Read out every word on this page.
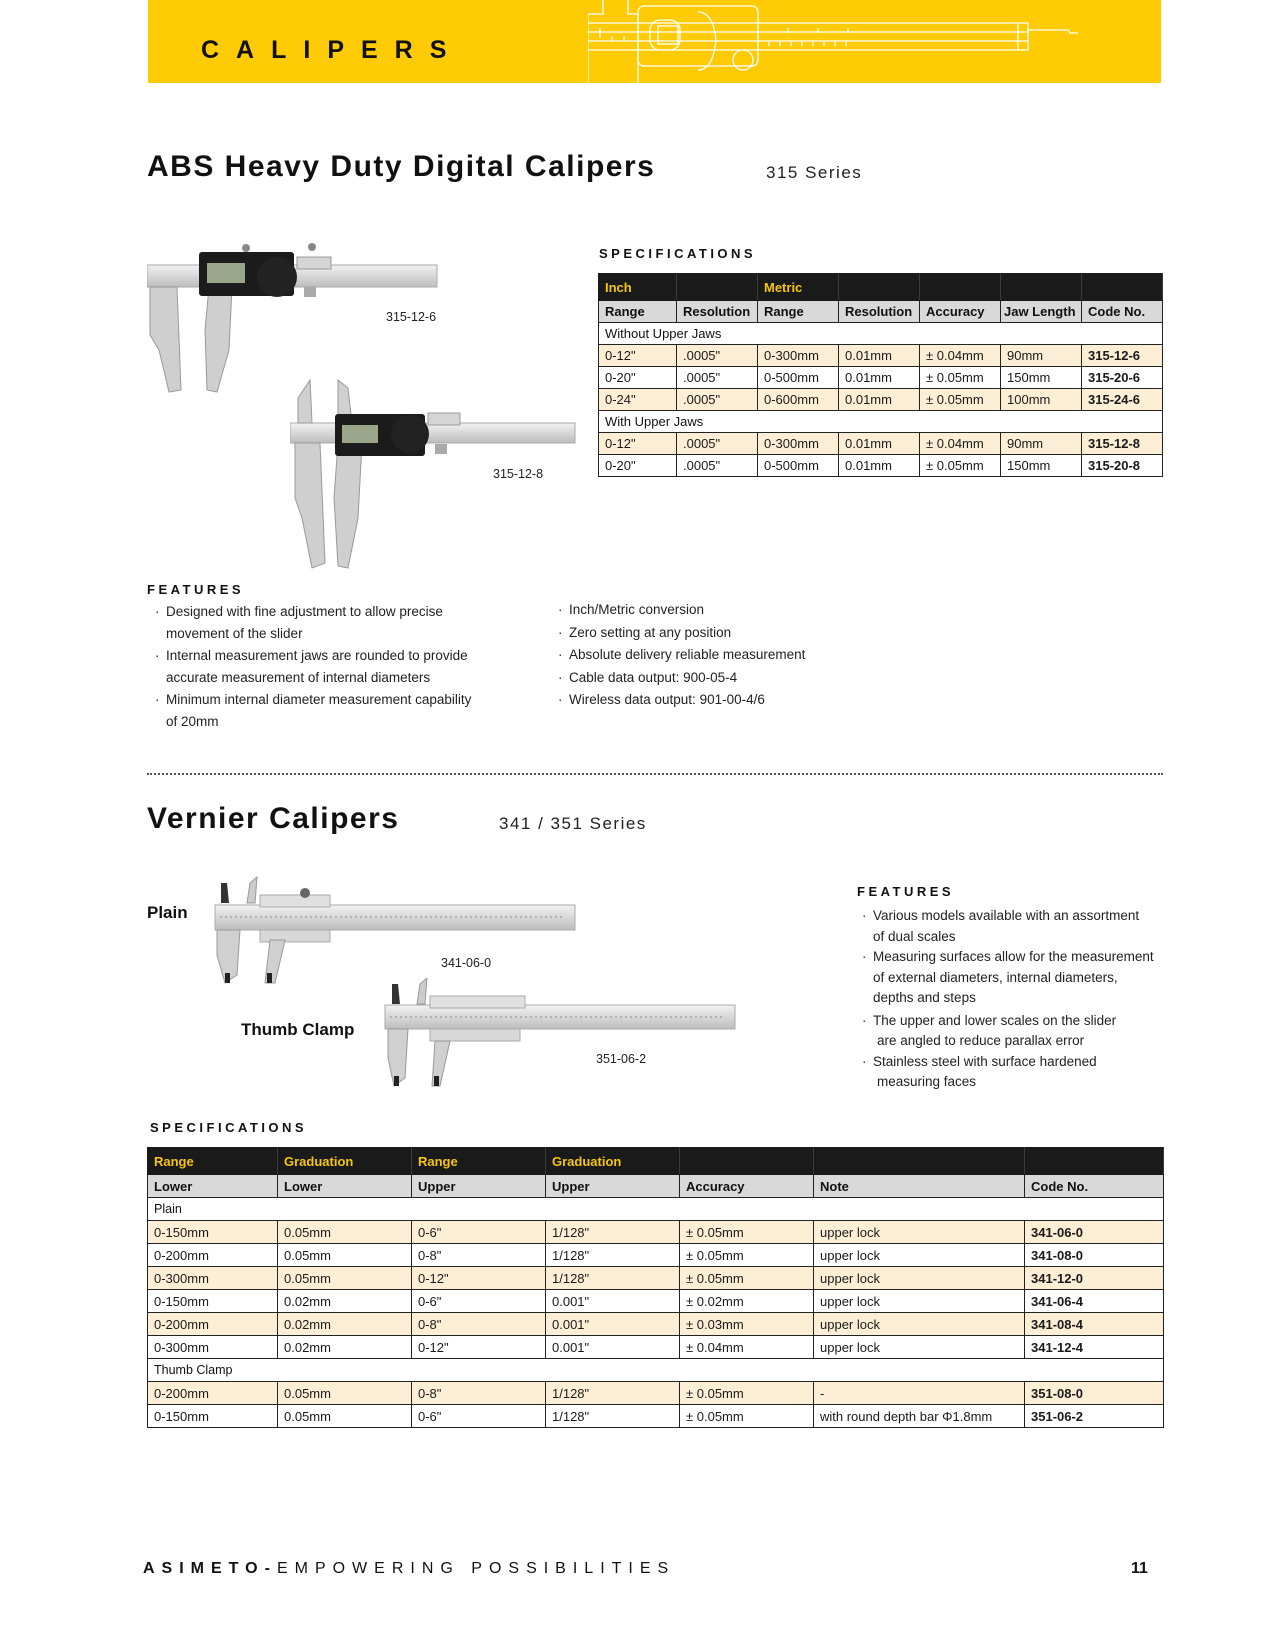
CALIPERS
ABS Heavy Duty Digital Calipers	315 Series
315-12-6
315-12-8
SPECIFICATIONS
Inch		Metric				
Range	Resolution	Range	Resolution	Accuracy	Jaw Length	Code No.
Without Upper Jaws						
0-12"	.0005"	0-300mm	0.01mm	± 0.04mm	90mm	315-12-6
0-20"	.0005"	0-500mm	0.01mm	± 0.05mm	150mm	315-20-6
0-24"	.0005"	0-600mm	0.01mm	± 0.05mm	100mm	315-24-6
With Upper Jaws						
0-12"	.0005"	0-300mm	0.01mm	± 0.04mm	90mm	315-12-8
0-20"	.0005"	0-500mm	0.01mm	± 0.05mm	150mm	315-20-8
FEATURES
· Designed with fine adjustment to allow precise
movement of the slider
· Internal measurement jaws are rounded to provide
accurate measurement of internal diameters
· Minimum internal diameter measurement capability
of 20mm
· Inch/Metric conversion
· Zero setting at any position
· Absolute delivery reliable measurement
· Cable data output: 900-05-4
· Wireless data output: 901-00-4/6
Vernier Calipers	341 / 351 Series
Plain
Thumb Clamp
341-06-0
351-06-2
FEATURES
· Various models available with an assortment
of dual scales
· Measuring surfaces allow for the measurement
of external diameters, internal diameters,
depths and steps
· The upper and lower scales on the slider
are angled to reduce parallax error
· Stainless steel with surface hardened
measuring faces
SPECIFICATIONS
Range	Graduation	Range	Graduation			
Lower	Lower	Upper	Upper	Accuracy	Note	Code No.
Plain						
0-150mm	0.05mm	0-6"	1/128"	± 0.05mm	upper lock	341-06-0
0-200mm	0.05mm	0-8"	1/128"	± 0.05mm	upper lock	341-08-0
0-300mm	0.05mm	0-12"	1/128"	± 0.05mm	upper lock	341-12-0
0-150mm	0.02mm	0-6"	0.001"	± 0.02mm	upper lock	341-06-4
0-200mm	0.02mm	0-8"	0.001"	± 0.03mm	upper lock	341-08-4
0-300mm	0.02mm	0-12"	0.001"	± 0.04mm	upper lock	341-12-4
Thumb Clamp						
0-200mm	0.05mm	0-8"	1/128"	± 0.05mm	-	351-08-0
0-150mm	0.05mm	0-6"	1/128"	± 0.05mm	with round depth bar Φ1.8mm	351-06-2
ASIMETO-EMPOWERING POSSIBILITIES	11
